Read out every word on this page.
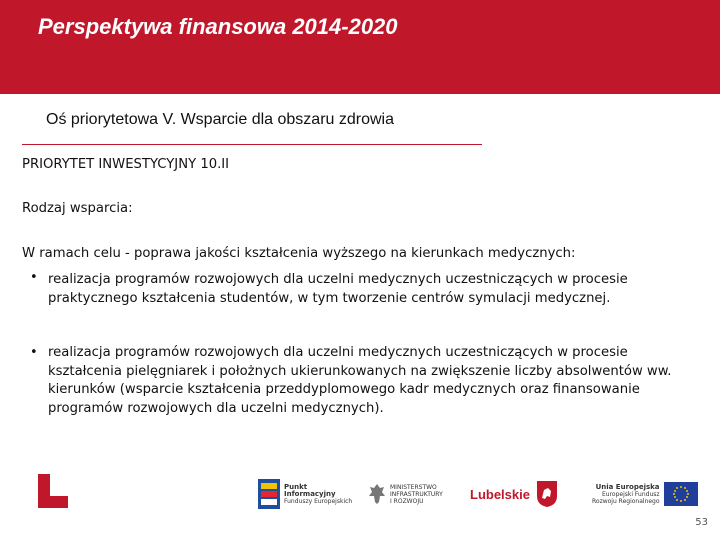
Perspektywa finansowa 2014-2020
Oś priorytetowa V. Wsparcie dla obszaru zdrowia
PRIORYTET INWESTYCYJNY 10.II
Rodzaj wsparcia:
W ramach celu - poprawa jakości kształcenia wyższego na kierunkach medycznych:
• realizacja programów rozwojowych dla uczelni medycznych uczestniczących w procesie praktycznego kształcenia studentów, w tym tworzenie centrów symulacji medycznej.
• realizacja programów rozwojowych dla uczelni medycznych uczestniczących w procesie kształcenia pielęgniarek i położnych ukierunkowanych na zwiększenie liczby absolwentów ww. kierunków (wsparcie kształcenia przeddyplomowego kadr medycznych oraz finansowanie programów rozwojowych dla uczelni medycznych).
Punkt
Informacyjny
Funduszy Europejskich
MINISTERSTWO
INFRASTRUKTURY
I ROZWOJU	Lubelskie	Unia Europejska
Europejski Fundusz
Rozwoju Regionalnego
53
